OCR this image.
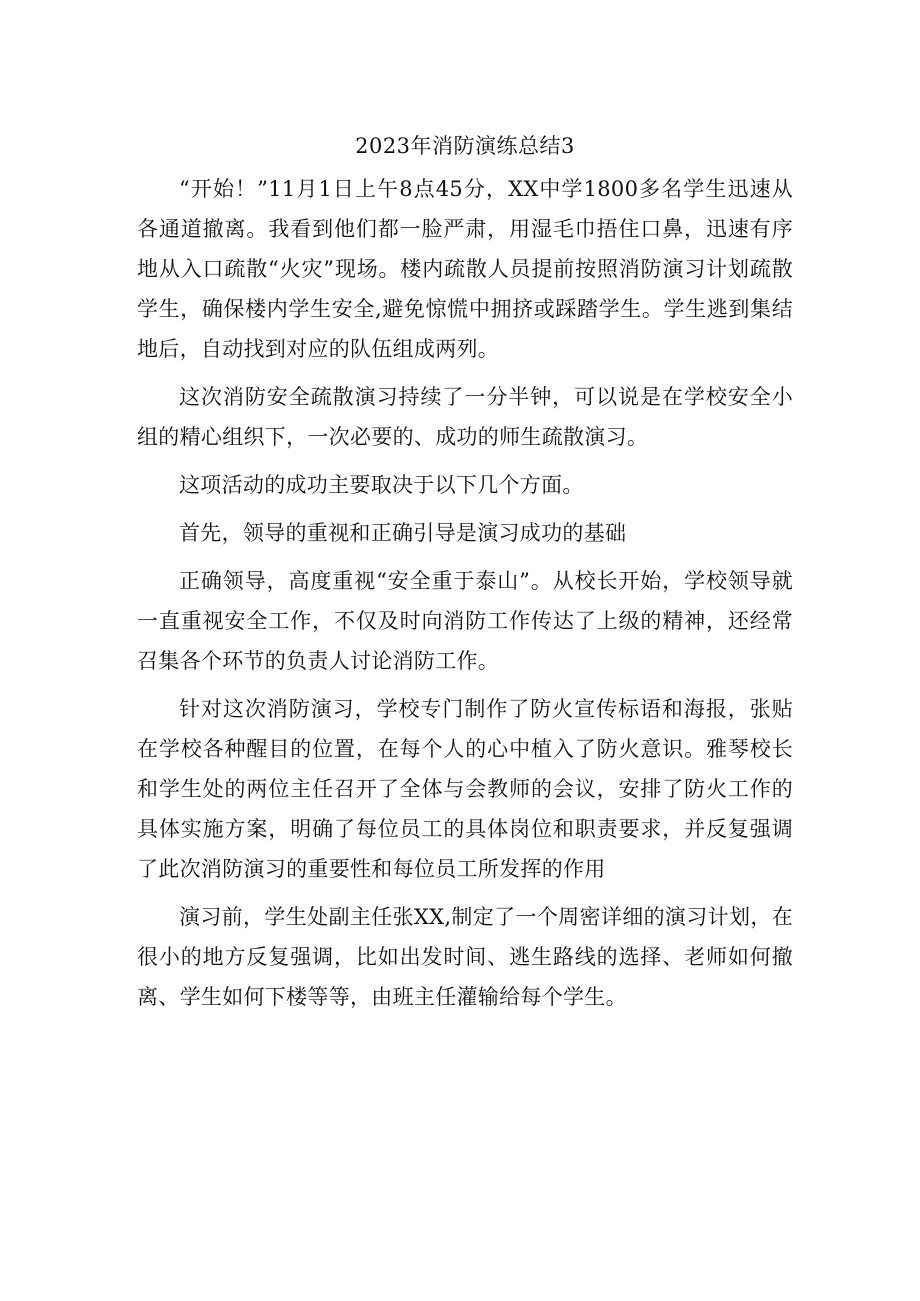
2023年消防演练总结3

“开始！”11月1日上午8点45分，XX中学1800多名学生迅速从各通道撤离。我看到他们都一脸严肃，用湿毛巾捂住口鼻，迅速有序地从入口疏散“火灾”现场。楼内疏散人员提前按照消防演习计划疏散学生，确保楼内学生安全,避免惊慌中拥挤或踩踏学生。学生逃到集结地后，自动找到对应的队伍组成两列。

这次消防安全疏散演习持续了一分半钟，可以说是在学校安全小组的精心组织下，一次必要的、成功的师生疏散演习。

这项活动的成功主要取决于以下几个方面。

首先，领导的重视和正确引导是演习成功的基础

正确领导，高度重视“安全重于泰山”。从校长开始，学校领导就一直重视安全工作，不仅及时向消防工作传达了上级的精神，还经常召集各个环节的负责人讨论消防工作。

针对这次消防演习，学校专门制作了防火宣传标语和海报，张贴在学校各种醒目的位置，在每个人的心中植入了防火意识。雅琴校长和学生处的两位主任召开了全体与会教师的会议，安排了防火工作的具体实施方案，明确了每位员工的具体岗位和职责要求，并反复强调了此次消防演习的重要性和每位员工所发挥的作用

演习前，学生处副主任张XX,制定了一个周密详细的演习计划，在很小的地方反复强调，比如出发时间、逃生路线的选择、老师如何撤离、学生如何下楼等等，由班主任灌输给每个学生。
